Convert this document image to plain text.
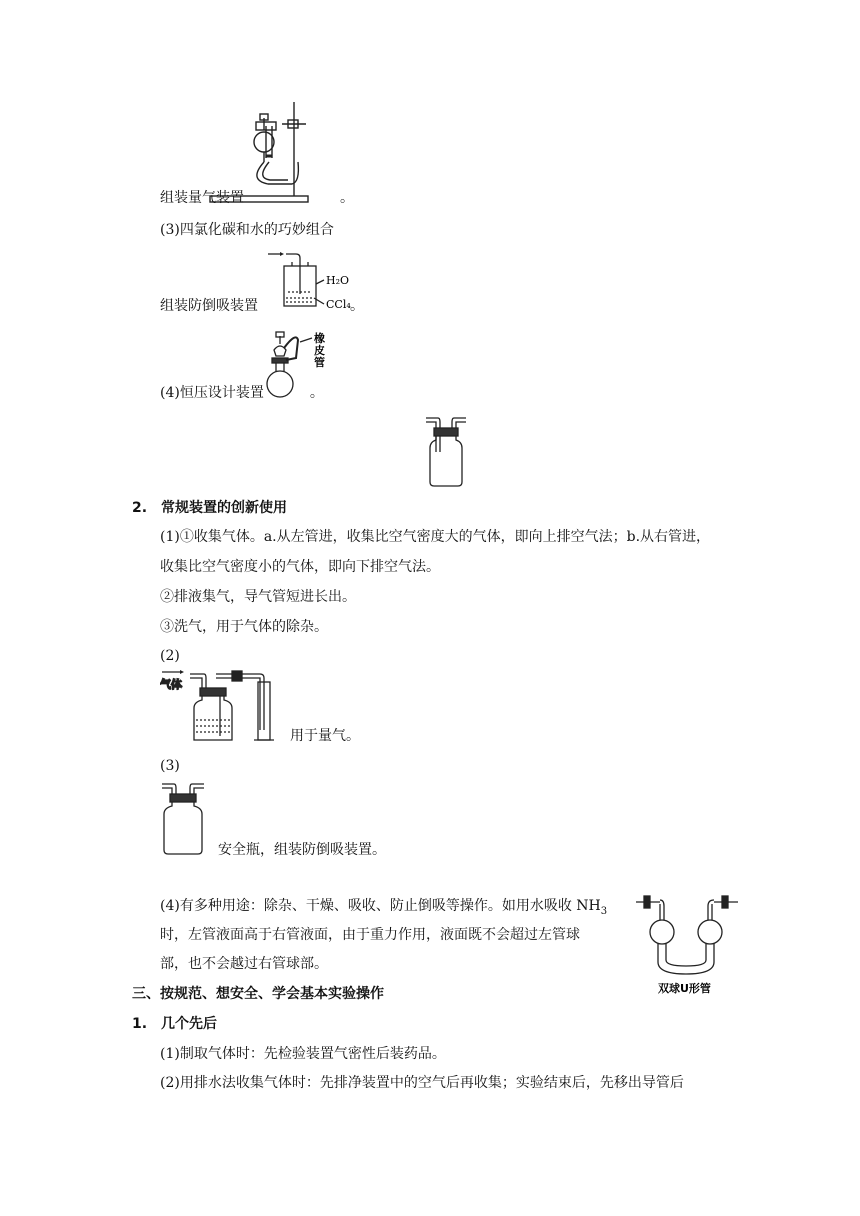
组装量气装置	。
(3)四氯化碳和水的巧妙组合
H₂O
CCl₄
组装防倒吸装置	。
橡
皮
管
(4)恒压设计装置	。
2.　常规装置的创新使用
(1)①收集气体。a.从左管进，收集比空气密度大的气体，即向上排空气法；b.从右管进，
收集比空气密度小的气体，即向下排空气法。
②排液集气，导气管短进长出。
③洗气，用于气体的除杂。
(2)
气体
用于量气。
(3)
安全瓶，组装防倒吸装置。
(4)有多种用途：除杂、干燥、吸收、防止倒吸等操作。如用水吸收 $NH_3$
时，左管液面高于右管液面，由于重力作用，液面既不会超过左管球
部，也不会越过右管球部。
双球U形管
三、按规范、想安全、学会基本实验操作
1.　几个先后
(1)制取气体时：先检验装置气密性后装药品。
(2)用排水法收集气体时：先排净装置中的空气后再收集；实验结束后，先移出导管后
